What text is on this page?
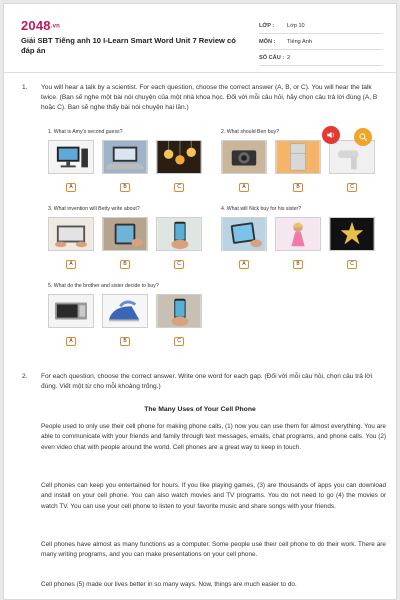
2048.vn
Giải SBT Tiếng anh 10 I-Learn Smart Word Unit 7 Review có đáp án
LỚP :	Lớp 10
MÔN :	Tiếng Anh
SỐ CÂU : 2
1. You will hear a talk by a scientist. For each question, choose the correct answer (A, B, or C). You will hear the talk twice. (Bạn sẽ nghe một bài nói chuyện của một nhà khoa học. Đối với mỗi câu hỏi, hãy chọn câu trả lời đúng (A, B hoặc C). Bạn sẽ nghe thấy bài nói chuyện hai lần.)
1. What is Amy's second guess?
A	B	C
2. What should Ben buy?
A	B	C
3. What invention will Betty write about?
A	B	C
4. What will Nick buy for his sister?
A	B	C
5. What do the brother and sister decide to buy?
A	B	C
2. For each question, choose the correct answer. Write one word for each gap. (Đối với mỗi câu hỏi, chọn câu trả lời đúng. Viết một từ cho mỗi khoảng trống.)
The Many Uses of Your Cell Phone
People used to only use their cell phone for making phone calls, (1) now you can use them for almost everything. You are able to communicate with your friends and family through text messages, emails, chat programs, and phone calls. You (2) even video chat with people around the world. Cell phones are a great way to keep in touch.
Cell phones can keep you entertained for hours. If you like playing games, (3) are thousands of apps you can download and install on your cell phone. You can also watch movies and TV programs. You do not need to go (4) the movies or watch TV. You can use your cell phone to listen to your favorite music and share songs with your friends.
Cell phones have almost as many functions as a computer. Some people use their cell phone to do their work. There are many writing programs, and you can make presentations on your cell phone.
Cell phones (5) made our lives better in so many ways. Now, things are much easier to do.
